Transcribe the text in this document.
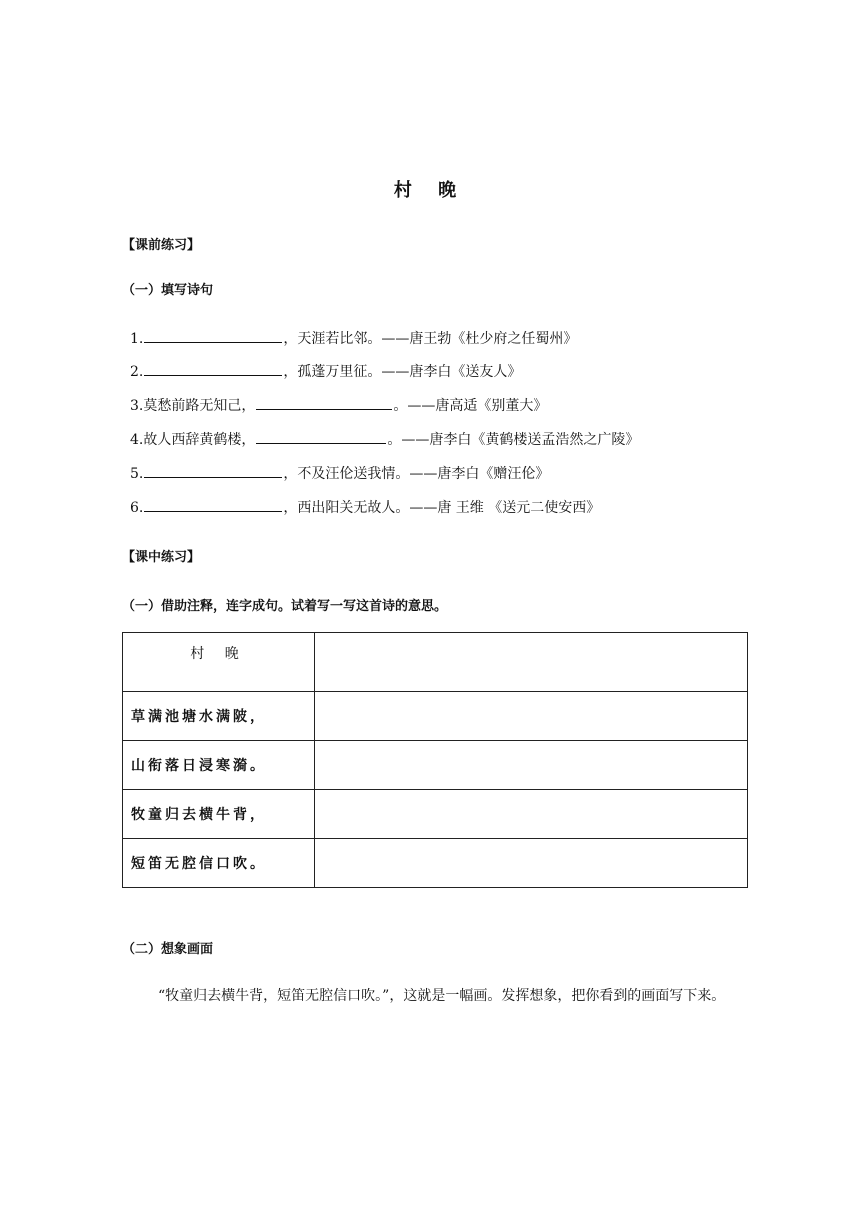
村 晚
【课前练习】
（一）填写诗句
1.	，天涯若比邻。——唐王勃《杜少府之任蜀州》
2.	，孤蓬万里征。——唐李白《送友人》
3.莫愁前路无知己，	。——唐高适《别董大》
4.故人西辞黄鹤楼，	。——唐李白《黄鹤楼送孟浩然之广陵》
5.	，不及汪伦送我情。——唐李白《赠汪伦》
6.	，西出阳关无故人。——唐 王维 《送元二使安西》
【课中练习】
（一）借助注释，连字成句。试着写一写这首诗的意思。
村 晚	
草满池塘水满陂，	
山衔落日浸寒漪。	
牧童归去横牛背，	
短笛无腔信口吹。	
（二）想象画面
“牧童归去横牛背，短笛无腔信口吹。”，这就是一幅画。发挥想象，把你看到的画面写下来。
